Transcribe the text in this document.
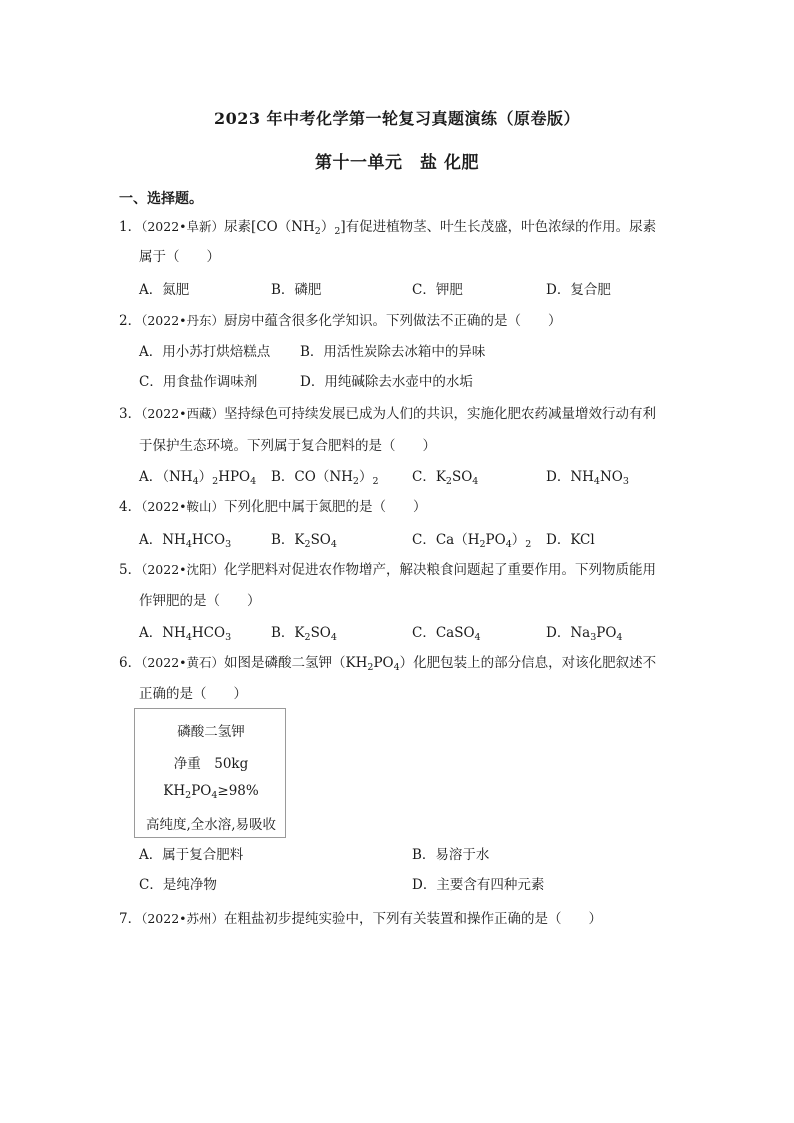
2023 年中考化学第一轮复习真题演练（原卷版）
第十一单元　盐 化肥
一、选择题。
1．（2022•阜新）尿素$[CO(NH_2)_2]$有促进植物茎、叶生长茂盛，叶色浓绿的作用。尿素
属于（　　）
A．氮肥	B．磷肥	C．钾肥	D．复合肥
2．（2022•丹东）厨房中蕴含很多化学知识。下列做法不正确的是（　　）
A．用小苏打烘焙糕点 B．用活性炭除去冰箱中的异味
C．用食盐作调味剂	D．用纯碱除去水壶中的水垢
3．（2022•西藏）坚持绿色可持续发展已成为人们的共识，实施化肥农药减量增效行动有利
于保护生态环境。下列属于复合肥料的是（　　）
A．$(NH_4)_2HPO_4$ B．$CO(NH_2)_2$ C．$K_2SO_4$	D．$NH_4NO_3$
4．（2022•鞍山）下列化肥中属于氮肥的是（　　）
A．$NH_4HCO_3$	B．$K_2SO_4$	C．$Ca(H_2PO_4)_2$ D．KCl
5．（2022•沈阳）化学肥料对促进农作物增产，解决粮食问题起了重要作用。下列物质能用
作钾肥的是（　　）
A．$NH_4HCO_3$	B．$K_2SO_4$	C．CaSO$_4$	D．$Na_3PO_4$
6．（2022•黄石）如图是磷酸二氢钾$(KH_2PO_4)$化肥包装上的部分信息，对该化肥叙述不
正确的是（　　）
磷酸二氢钾
净重　50kg
$KH_2PO_4\ge 98\%$
高纯度,全水溶,易吸收
A．属于复合肥料	B．易溶于水
C．是纯净物	D．主要含有四种元素
7．（2022•苏州）在粗盐初步提纯实验中，下列有关装置和操作正确的是（　　）
